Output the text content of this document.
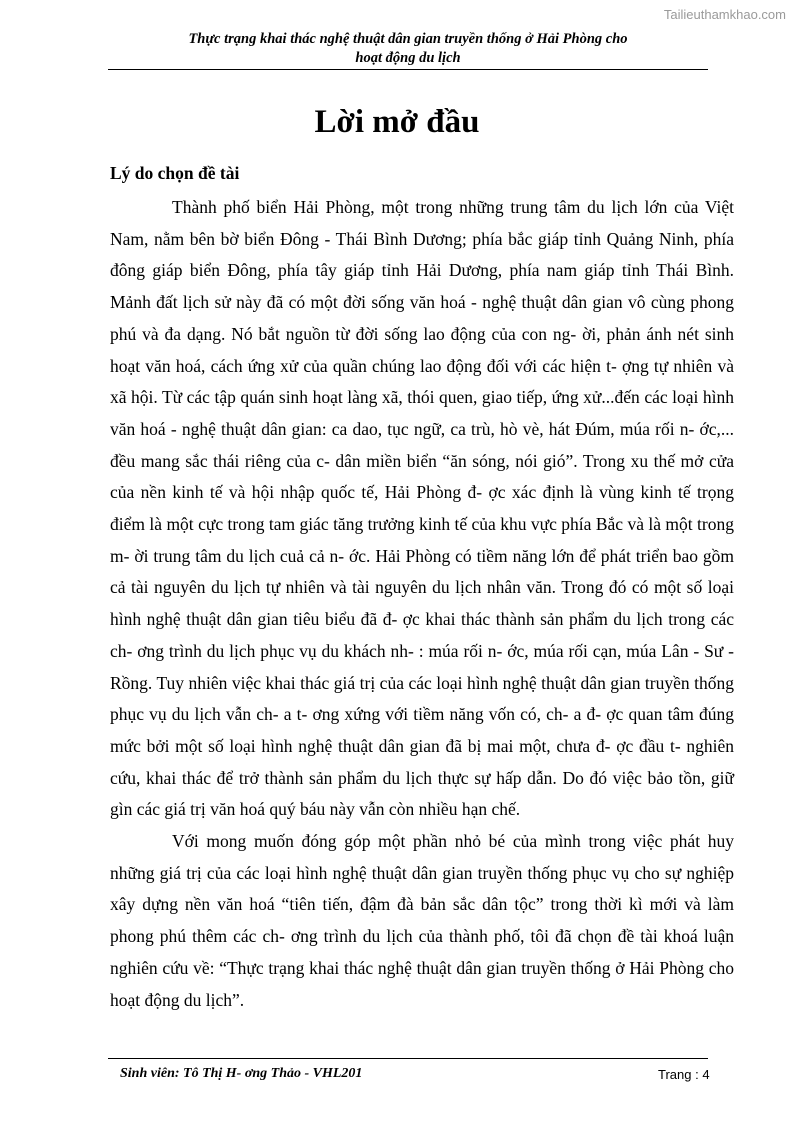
Tailieuthamkhao.com
Thực trạng khai thác nghệ thuật dân gian truyền thống ở Hải Phòng cho
hoạt động du lịch
Lời mở đầu
Lý do chọn đề tài

Thành phố biển Hải Phòng, một trong những trung tâm du lịch lớn của Việt Nam, nằm bên bờ biển Đông - Thái Bình Dương; phía bắc giáp tỉnh Quảng Ninh, phía đông giáp biển Đông, phía tây giáp tỉnh Hải Dương, phía nam giáp tỉnh Thái Bình. Mảnh đất lịch sử này đã có một đời sống văn hoá - nghệ thuật dân gian vô cùng phong phú và đa dạng. Nó bắt nguồn từ đời sống lao động của con ng- ời, phản ánh nét sinh hoạt văn hoá, cách ứng xử của quần chúng lao động đối với các hiện t- ợng tự nhiên và xã hội. Từ các tập quán sinh hoạt làng xã, thói quen, giao tiếp, ứng xử...đến các loại hình văn hoá - nghệ thuật dân gian: ca dao, tục ngữ, ca trù, hò vè, hát Đúm, múa rối n- ớc,... đều mang sắc thái riêng của c- dân miền biển “ăn sóng, nói gió”. Trong xu thế mở cửa của nền kinh tế và hội nhập quốc tế, Hải Phòng đ- ợc xác định là vùng kinh tế trọng điểm là một cực trong tam giác tăng trưởng kinh tế của khu vực phía Bắc và là một trong m- ời trung tâm du lịch cuả cả n- ớc. Hải Phòng có tiềm năng lớn để phát triển bao gồm cả tài nguyên du lịch tự nhiên và tài nguyên du lịch nhân văn. Trong đó có một số loại hình nghệ thuật dân gian tiêu biểu đã đ- ợc khai thác thành sản phẩm du lịch trong các ch- ơng trình du lịch phục vụ du khách nh- : múa rối n- ớc, múa rối cạn, múa Lân - Sư - Rồng. Tuy nhiên việc khai thác giá trị của các loại hình nghệ thuật dân gian truyền thống phục vụ du lịch vẫn ch- a t- ơng xứng với tiềm năng vốn có, ch- a đ- ợc quan tâm đúng mức bởi một số loại hình nghệ thuật dân gian đã bị mai một, chưa đ- ợc đầu t- nghiên cứu, khai thác để trở thành sản phẩm du lịch thực sự hấp dẫn. Do đó việc bảo tồn, giữ gìn các giá trị văn hoá quý báu này vẫn còn nhiều hạn chế.

Với mong muốn đóng góp một phần nhỏ bé của mình trong việc phát huy những giá trị của các loại hình nghệ thuật dân gian truyền thống phục vụ cho sự nghiệp xây dựng nền văn hoá “tiên tiến, đậm đà bản sắc dân tộc” trong thời kì mới và làm phong phú thêm các ch- ơng trình du lịch của thành phố, tôi đã chọn đề tài khoá luận nghiên cứu về: “Thực trạng khai thác nghệ thuật dân gian truyền thống ở Hải Phòng cho hoạt động du lịch”.

Sinh viên: Tô Thị H- ơng Thảo - VHL201	Trang : 4
